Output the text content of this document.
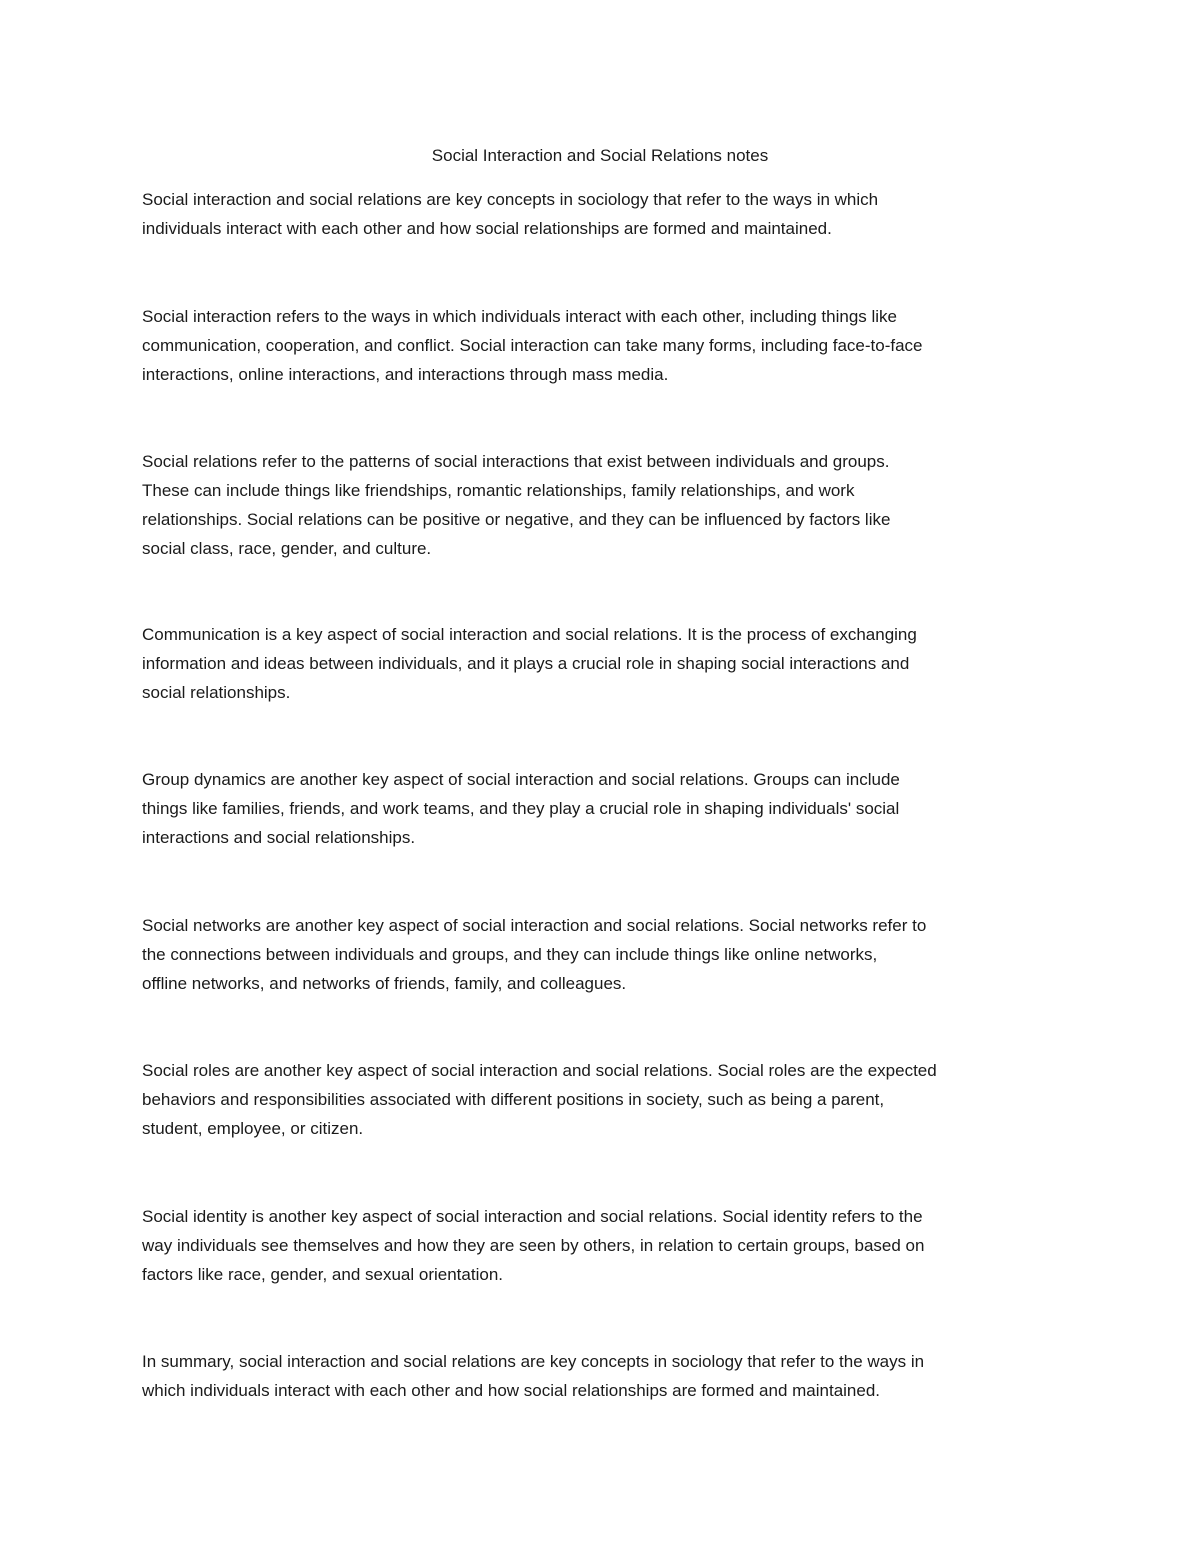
Social Interaction and Social Relations notes

Social interaction and social relations are key concepts in sociology that refer to the ways in which
individuals interact with each other and how social relationships are formed and maintained.

Social interaction refers to the ways in which individuals interact with each other, including things like
communication, cooperation, and conflict. Social interaction can take many forms, including face-to-face
interactions, online interactions, and interactions through mass media.

Social relations refer to the patterns of social interactions that exist between individuals and groups.
These can include things like friendships, romantic relationships, family relationships, and work
relationships. Social relations can be positive or negative, and they can be influenced by factors like
social class, race, gender, and culture.

Communication is a key aspect of social interaction and social relations. It is the process of exchanging
information and ideas between individuals, and it plays a crucial role in shaping social interactions and
social relationships.

Group dynamics are another key aspect of social interaction and social relations. Groups can include
things like families, friends, and work teams, and they play a crucial role in shaping individuals' social
interactions and social relationships.

Social networks are another key aspect of social interaction and social relations. Social networks refer to
the connections between individuals and groups, and they can include things like online networks,
offline networks, and networks of friends, family, and colleagues.

Social roles are another key aspect of social interaction and social relations. Social roles are the expected
behaviors and responsibilities associated with different positions in society, such as being a parent,
student, employee, or citizen.

Social identity is another key aspect of social interaction and social relations. Social identity refers to the
way individuals see themselves and how they are seen by others, in relation to certain groups, based on
factors like race, gender, and sexual orientation.

In summary, social interaction and social relations are key concepts in sociology that refer to the ways in
which individuals interact with each other and how social relationships are formed and maintained.
